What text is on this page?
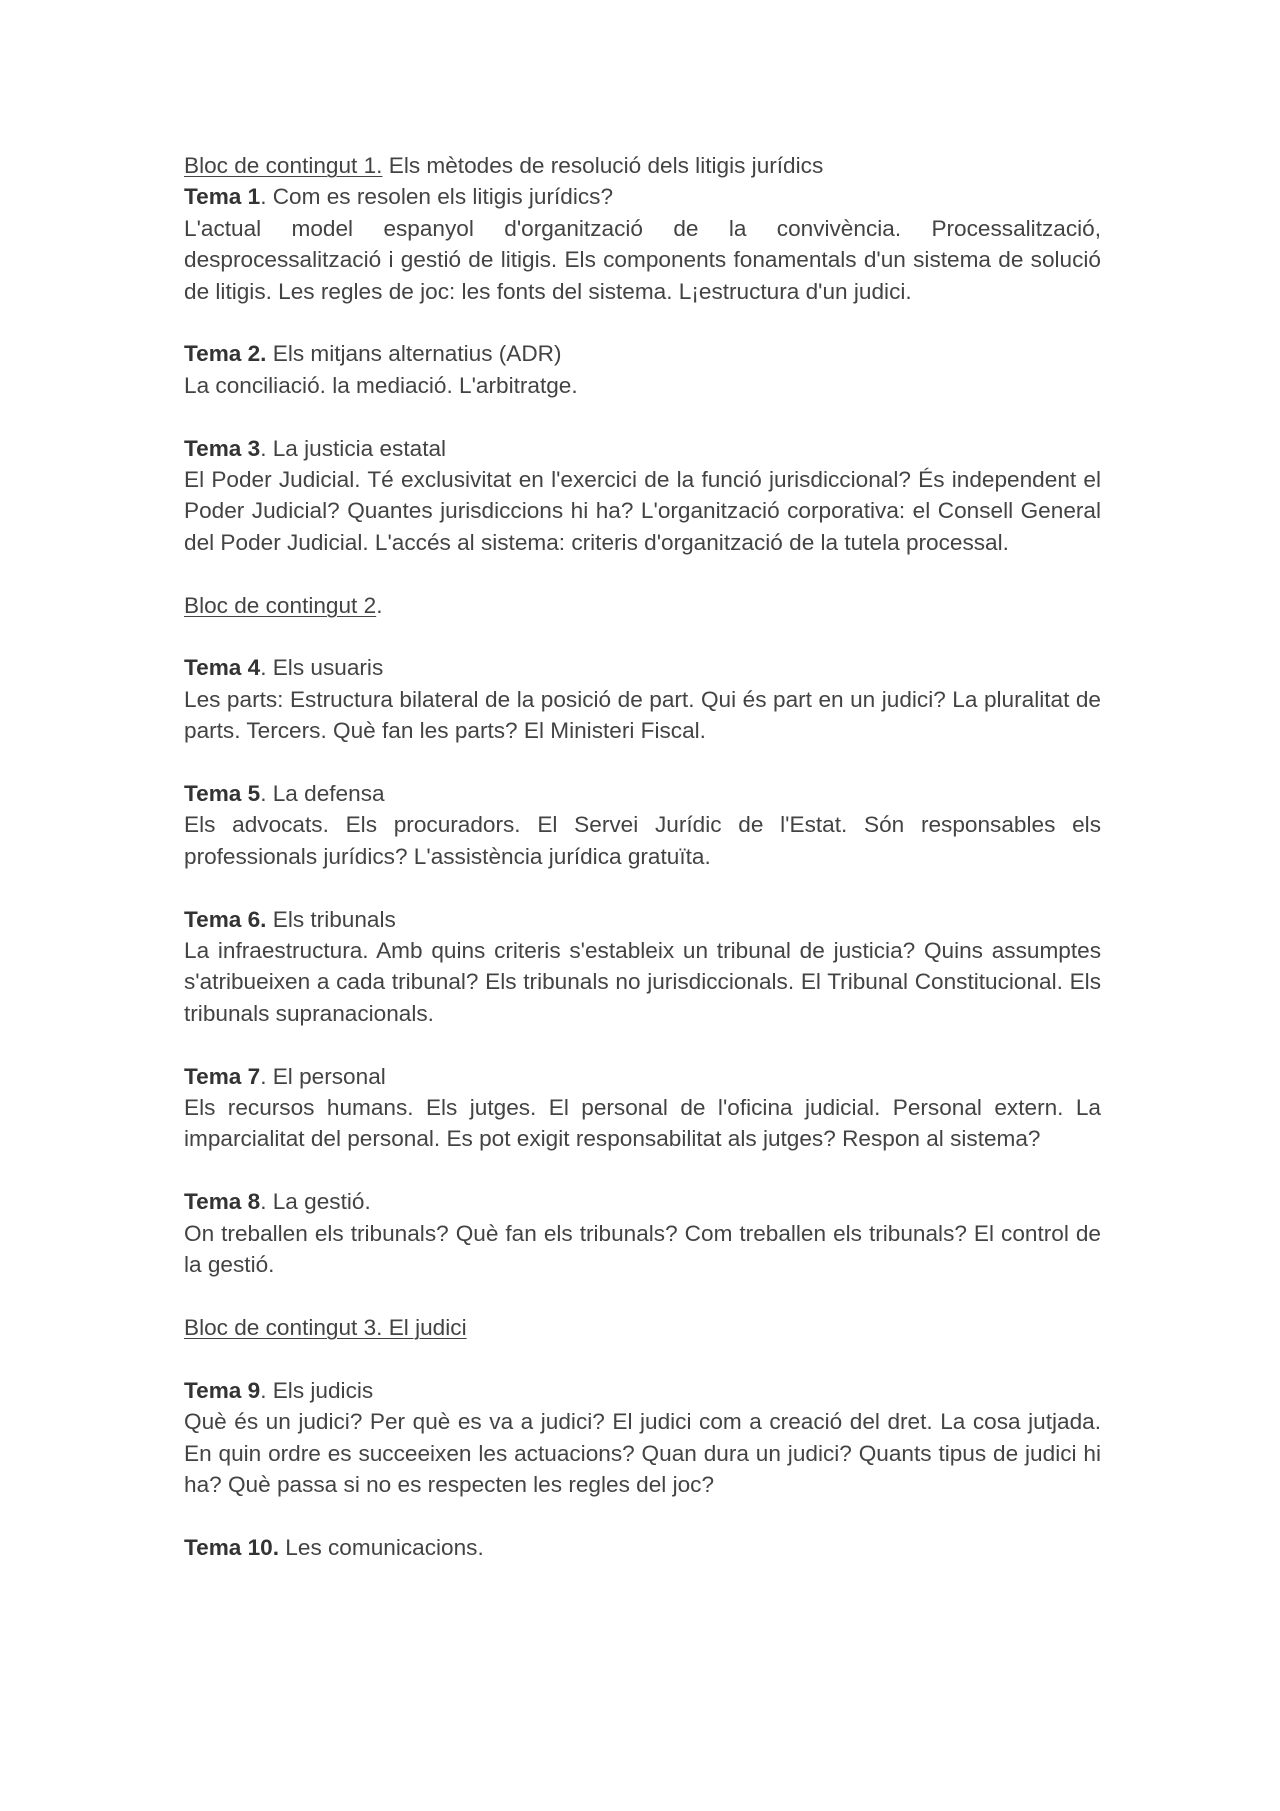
Bloc de contingut 1. Els mètodes de resolució dels litigis jurídics

Tema 1. Com es resolen els litigis jurídics?

L'actual model espanyol d'organització de la convivència. Processalització, desprocessalització i gestió de litigis. Els components fonamentals d'un sistema de solució de litigis. Les regles de joc: les fonts del sistema. L¡estructura d'un judici.

Tema 2. Els mitjans alternatius (ADR)

La conciliació. la mediació. L'arbitratge.

Tema 3. La justicia estatal

El Poder Judicial. Té exclusivitat en l'exercici de la funció jurisdiccional? És independent el Poder Judicial? Quantes jurisdiccions hi ha? L'organització corporativa: el Consell General del Poder Judicial. L'accés al sistema: criteris d'organització de la tutela processal.

Bloc de contingut 2.

Tema 4. Els usuaris

Les parts: Estructura bilateral de la posició de part. Qui és part en un judici? La pluralitat de parts. Tercers. Què fan les parts? El Ministeri Fiscal.

Tema 5. La defensa

Els advocats. Els procuradors. El Servei Jurídic de l'Estat. Són responsables els professionals jurídics? L'assistència jurídica gratuïta.

Tema 6. Els tribunals

La infraestructura. Amb quins criteris s'estableix un tribunal de justicia? Quins assumptes s'atribueixen a cada tribunal? Els tribunals no jurisdiccionals. El Tribunal Constitucional. Els tribunals supranacionals.

Tema 7. El personal

Els recursos humans. Els jutges. El personal de l'oficina judicial. Personal extern. La imparcialitat del personal. Es pot exigit responsabilitat als jutges? Respon al sistema?

Tema 8. La gestió.

On treballen els tribunals? Què fan els tribunals? Com treballen els tribunals? El control de la gestió.

Bloc de contingut 3. El judici

Tema 9. Els judicis

Què és un judici? Per què es va a judici? El judici com a creació del dret. La cosa jutjada. En quin ordre es succeeixen les actuacions? Quan dura un judici? Quants tipus de judici hi ha? Què passa si no es respecten les regles del joc?

Tema 10. Les comunicacions.
